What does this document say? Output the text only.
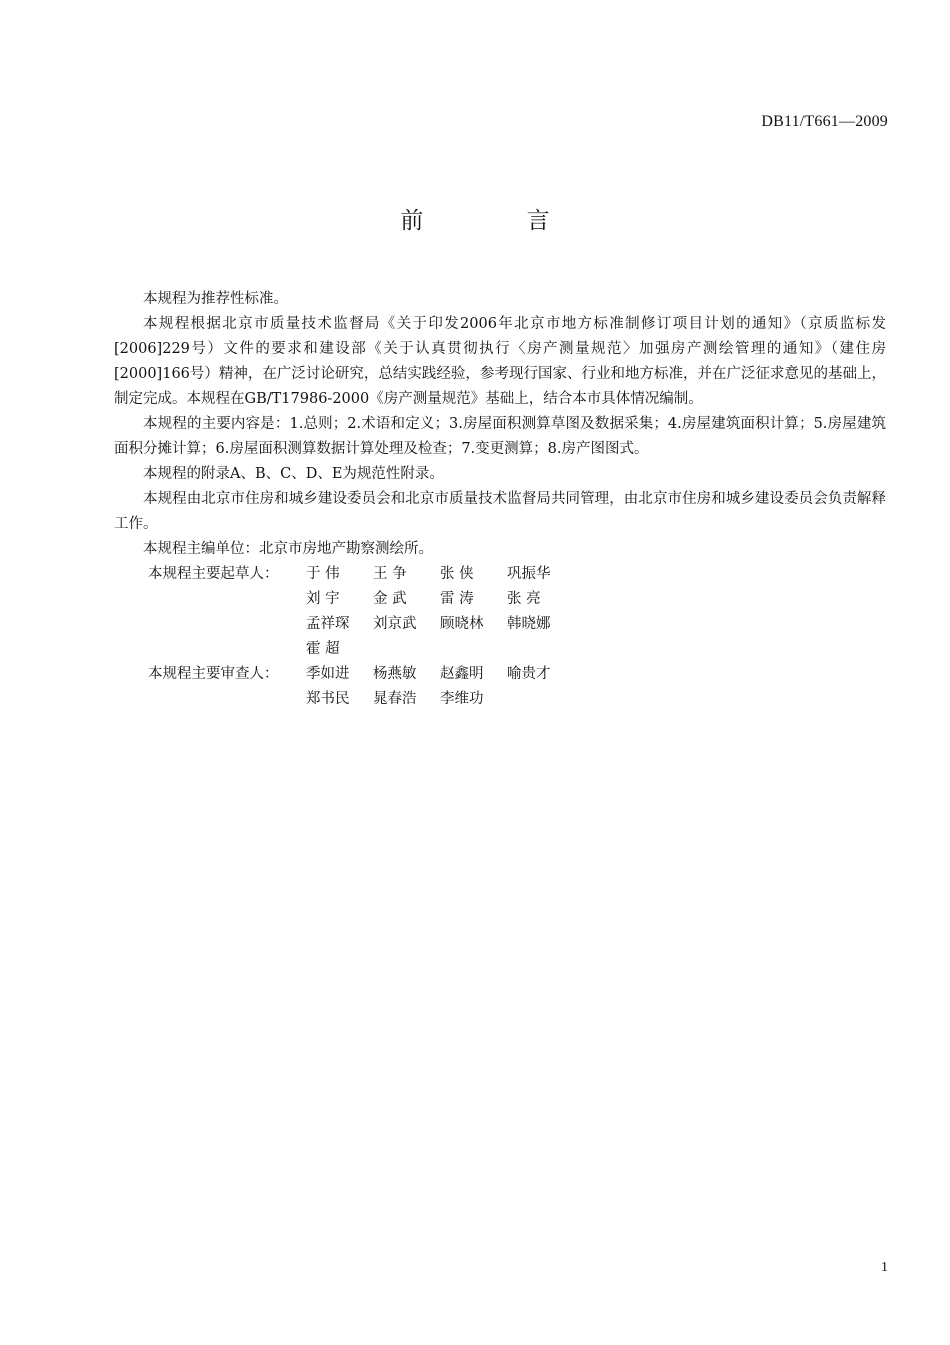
DB11/T661—2009
前 言

本规程为推荐性标准。

本规程根据北京市质量技术监督局《关于印发2006年北京市地方标准制修订项目计划的通知》（京质监标发[2006]229号）文件的要求和建设部《关于认真贯彻执行〈房产测量规范〉加强房产测绘管理的通知》（建住房[2000]166号）精神，在广泛讨论研究，总结实践经验，参考现行国家、行业和地方标准，并在广泛征求意见的基础上，制定完成。本规程在GB/T17986-2000《房产测量规范》基础上，结合本市具体情况编制。

本规程的主要内容是：1.总则；2.术语和定义；3.房屋面积测算草图及数据采集；4.房屋建筑面积计算；5.房屋建筑面积分摊计算；6.房屋面积测算数据计算处理及检查；7.变更测算；8.房产图图式。

本规程的附录A、B、C、D、E为规范性附录。

本规程由北京市住房和城乡建设委员会和北京市质量技术监督局共同管理，由北京市住房和城乡建设委员会负责解释工作。

本规程主编单位：北京市房地产勘察测绘所。

本规程主要起草人：	于 伟	王 争	张 侠	巩振华
刘 宇	金 武	雷 涛	张 亮
孟祥琛	刘京武	顾晓林	韩晓娜
霍 超
本规程主要审查人：	季如进	杨燕敏	赵鑫明	喻贵才
郑书民	晁春浩	李维功
1
